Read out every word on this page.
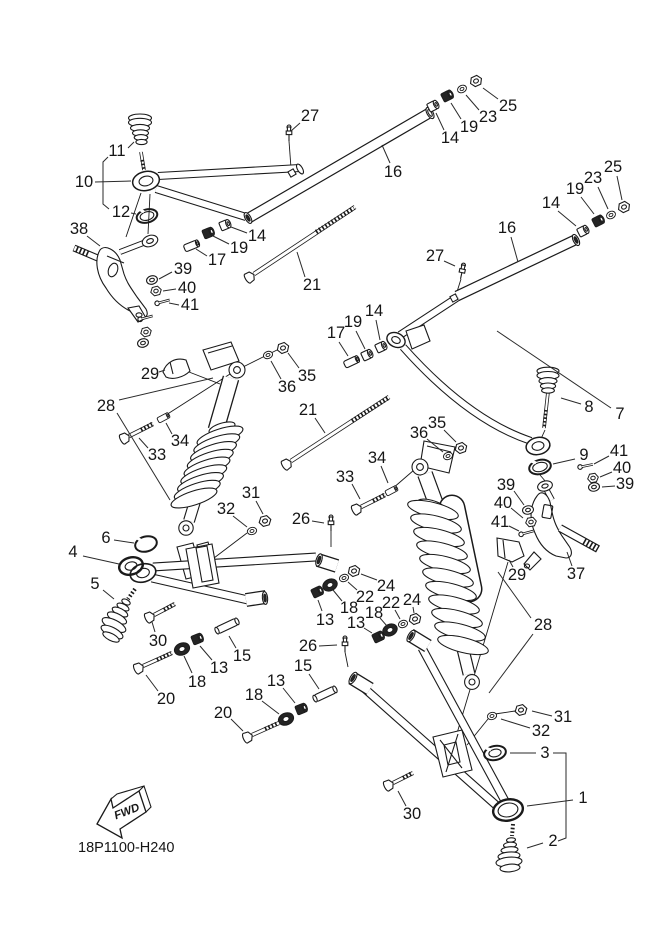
FWD
18P1100-H240
27
11
10
12
38	14
19
17
39
40
41
21
16
14
19
23
25
25
23
19
14
16
27
29
28
34
33
36
35
21
31
32
26
6
4
5
30
18
13
15
20
26
15
13
18
20
13
18
22
24
13
18
22 24
17
19
14
8 7
9 41
40
39
39
40
41
37
29
28
33
34
35
36
31
32
3
1
2
30
